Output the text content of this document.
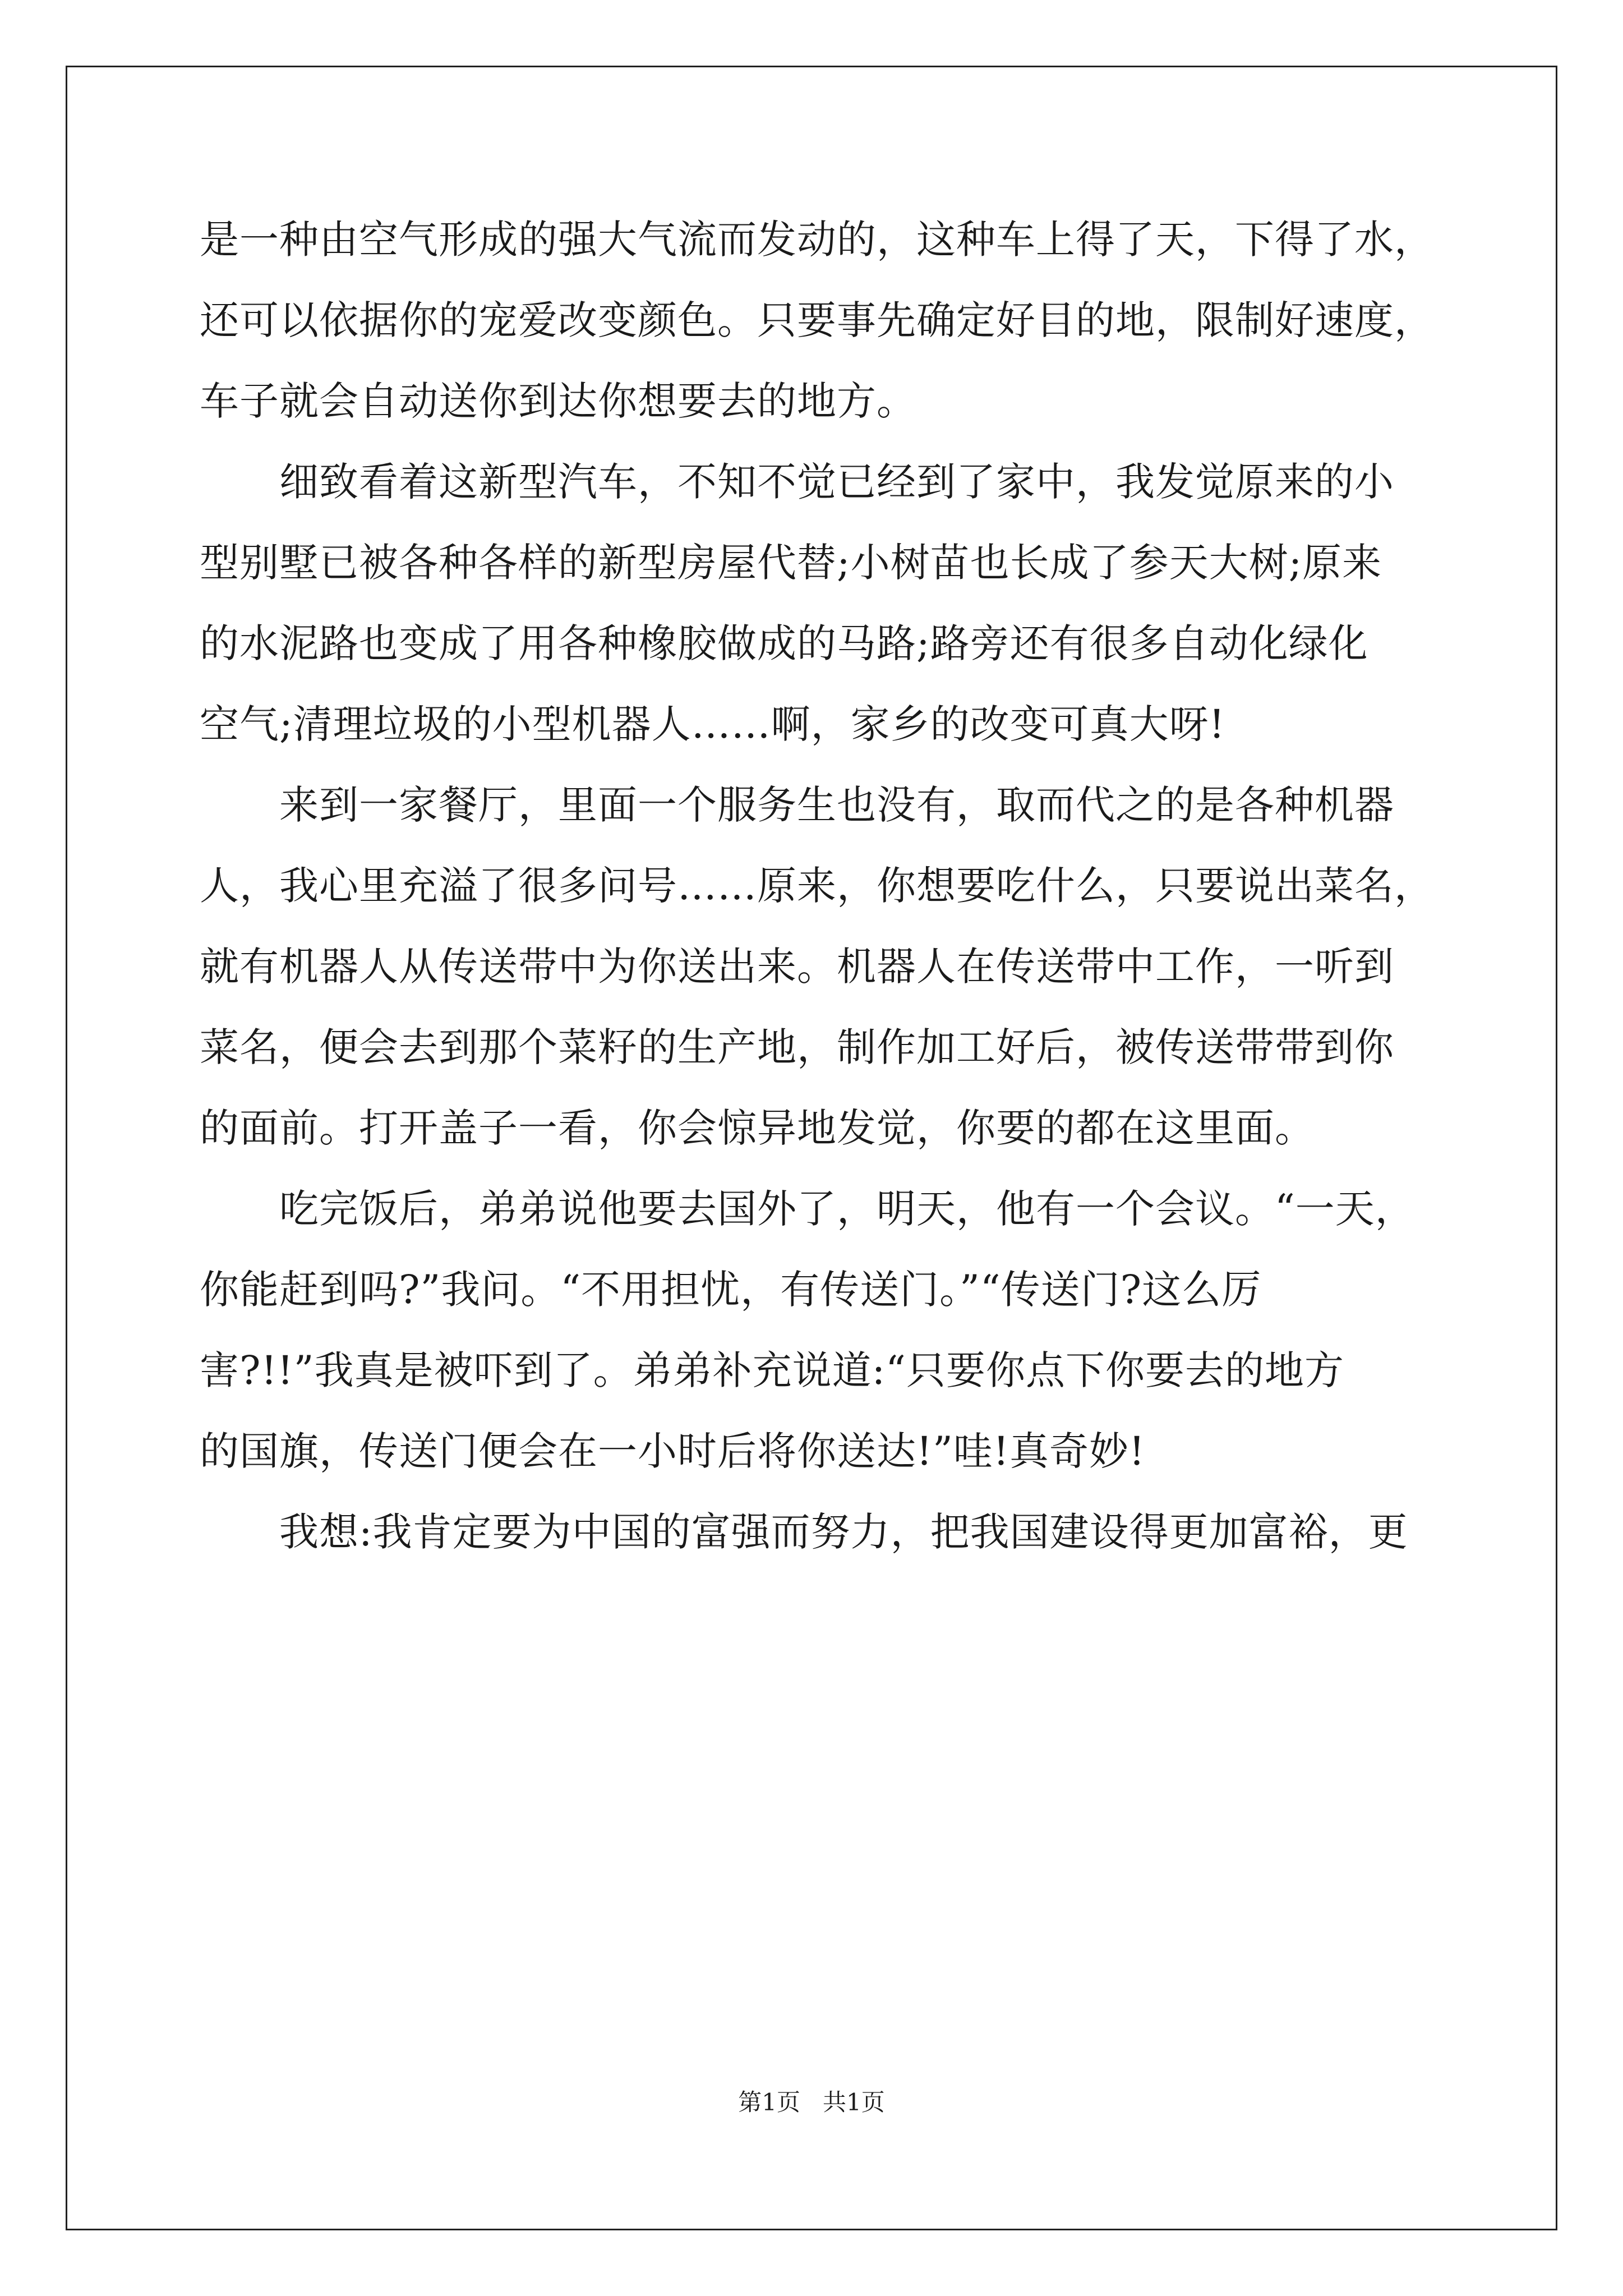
是一种由空气形成的强大气流而发动的，这种车上得了天，下得了水，
还可以依据你的宠爱改变颜色。只要事先确定好目的地，限制好速度，
车子就会自动送你到达你想要去的地方。
　　细致看着这新型汽车，不知不觉已经到了家中，我发觉原来的小
型别墅已被各种各样的新型房屋代替;小树苗也长成了参天大树;原来
的水泥路也变成了用各种橡胶做成的马路;路旁还有很多自动化绿化
空气;清理垃圾的小型机器人……啊，家乡的改变可真大呀!
　　来到一家餐厅，里面一个服务生也没有，取而代之的是各种机器
人，我心里充溢了很多问号……原来，你想要吃什么，只要说出菜名，
就有机器人从传送带中为你送出来。机器人在传送带中工作，一听到
菜名，便会去到那个菜籽的生产地，制作加工好后，被传送带带到你
的面前。打开盖子一看，你会惊异地发觉，你要的都在这里面。
　　吃完饭后，弟弟说他要去国外了，明天，他有一个会议。“一天，
你能赶到吗?”我问。“不用担忧，有传送门。”“传送门?这么厉
害?!!”我真是被吓到了。弟弟补充说道:“只要你点下你要去的地方
的国旗，传送门便会在一小时后将你送达!”哇!真奇妙!
　　我想:我肯定要为中国的富强而努力，把我国建设得更加富裕，更
第1页 共1页
